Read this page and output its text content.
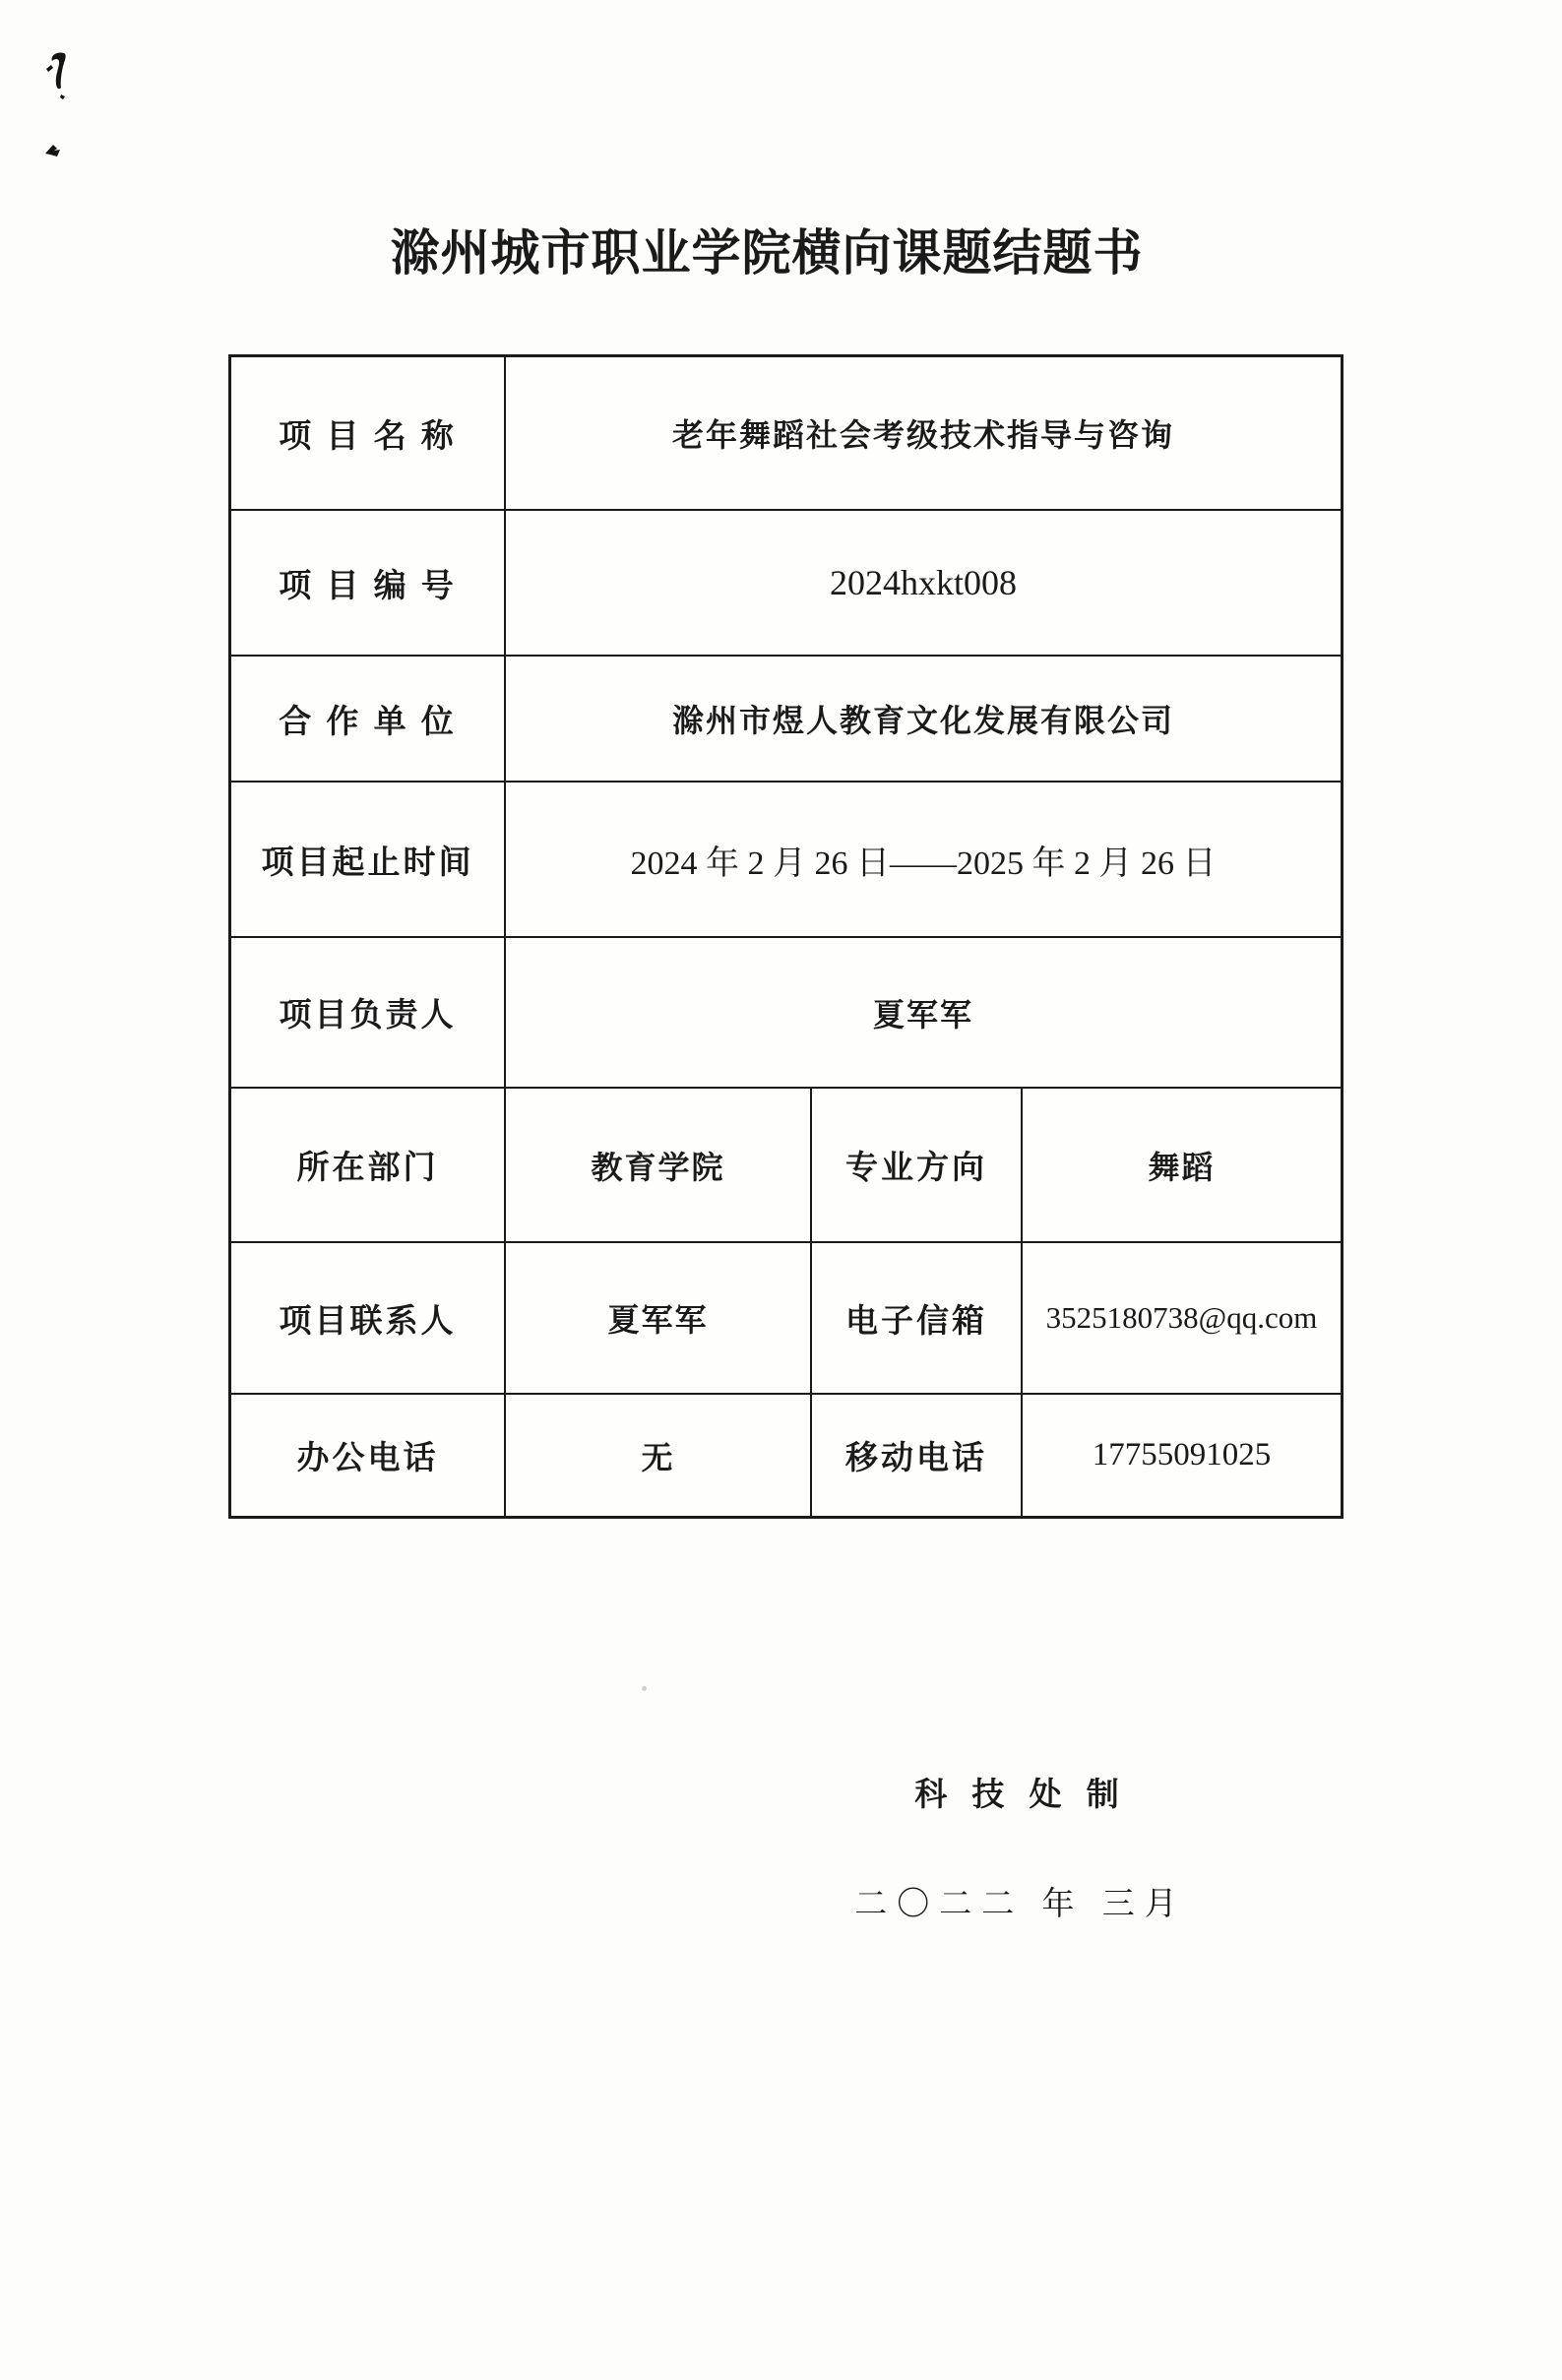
滁州城市职业学院横向课题结题书
项 目 名 称	老年舞蹈社会考级技术指导与咨询
项 目 编 号	2024hxkt008
合 作 单 位	滁州市煜人教育文化发展有限公司
项目起止时间	2024 年 2 月 26 日——2025 年 2 月 26 日
项目负责人	夏军军
所在部门	教育学院	专业方向	舞蹈
项目联系人	夏军军	电子信箱	3525180738@qq.com
办公电话	无	移动电话	17755091025
科 技 处 制
二〇二二 年 三月
